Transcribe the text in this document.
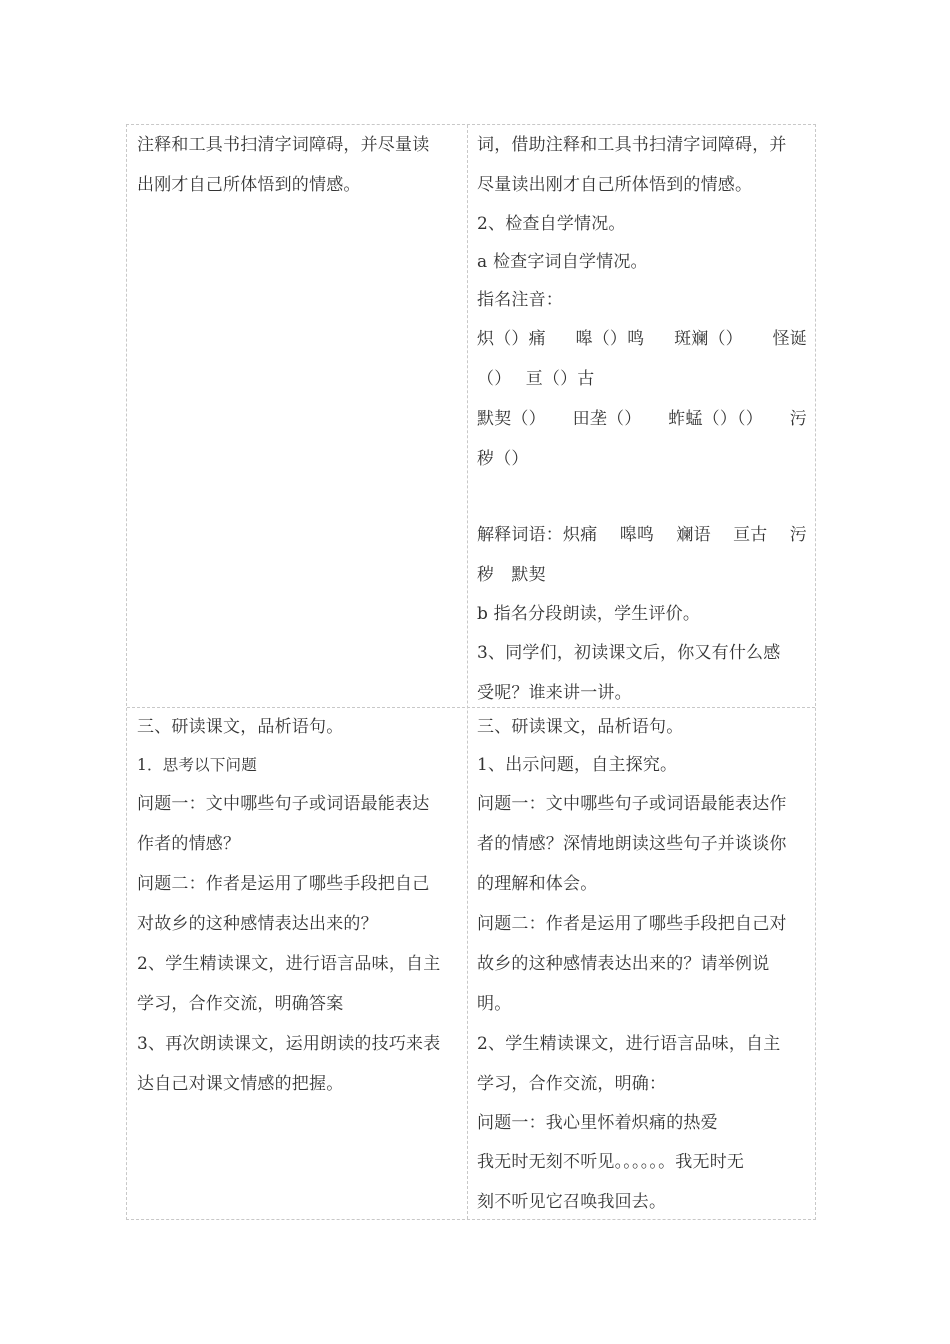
注释和工具书扫清字词障碍，并尽量读

出刚才自己所体悟到的情感。

词，借助注释和工具书扫清字词障碍，并

尽量读出刚才自己所体悟到的情感。

2、检查自学情况。

a 检查字词自学情况。

指名注音：

炽（）痛 嗥（）鸣 斑斓（） 怪诞

（）　 亘（）古

默契（） 田垄（） 蚱蜢（）（） 污

秽（）

解释词语：炽痛 嗥鸣 斓语 亘古 污

秽　默契

b 指名分段朗读，学生评价。

3、同学们，初读课文后，你又有什么感

受呢？谁来讲一讲。

三、研读课文，品析语句。

1．思考以下问题

问题一：文中哪些句子或词语最能表达

作者的情感？

问题二：作者是运用了哪些手段把自己

对故乡的这种感情表达出来的？

2、学生精读课文，进行语言品味，自主

学习，合作交流，明确答案

3、再次朗读课文，运用朗读的技巧来表

达自己对课文情感的把握。

三、研读课文，品析语句。

1、出示问题，自主探究。

问题一：文中哪些句子或词语最能表达作

者的情感？深情地朗读这些句子并谈谈你

的理解和体会。

问题二：作者是运用了哪些手段把自己对

故乡的这种感情表达出来的？请举例说

明。

2、学生精读课文，进行语言品味，自主

学习，合作交流，明确：

问题一：我心里怀着炽痛的热爱

我无时无刻不听见。。。。。。我无时无

刻不听见它召唤我回去。
